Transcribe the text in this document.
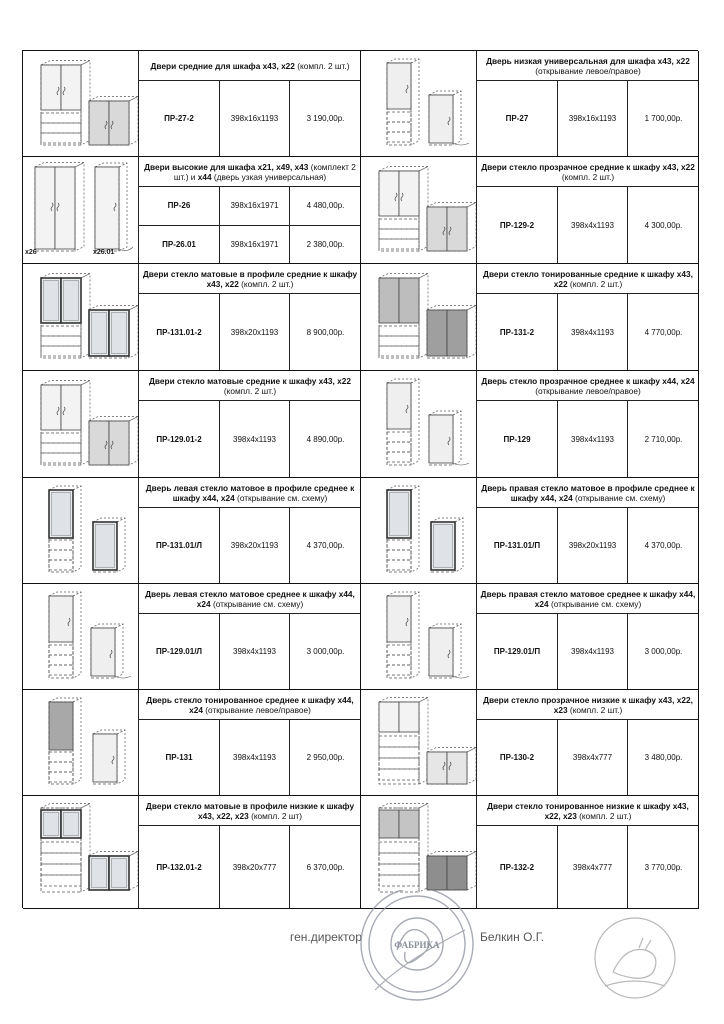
Двери средние для шкафа х43, х22 (компл. 2 шт.)
ПР-27-2	398х16х1193	3 190,00р.
Дверь низкая универсальная для шкафа х43, х22 (открывание левое/правое)
ПР-27	398х16х1193	1 700,00р.
х26	х26.01
Двери высокие для шкафа х21, х49, х43 (комплект 2 шт.) и х44 (дверь узкая универсальная)
ПР-26	398х16х1971	4 480,00р.
ПР-26.01	398х16х1971	2 380,00р.
Двери стекло прозрачное средние к шкафу х43, х22 (компл. 2 шт.)
ПР-129-2	398х4х1193	4 300,00р.
Двери стекло матовые в профиле средние к шкафу х43, х22 (компл. 2 шт.)
ПР-131.01-2	398х20х1193	8 900,00р.
Двери стекло тонированные средние к шкафу х43, х22 (компл. 2 шт.)
ПР-131-2	398х4х1193	4 770,00р.
Двери стекло матовые средние к шкафу х43, х22 (компл. 2 шт.)
ПР-129.01-2	398х4х1193	4 890,00р.
Дверь стекло прозрачное среднее к шкафу х44, х24 (открывание левое/правое)
ПР-129	398х4х1193	2 710,00р.
Дверь левая стекло матовое в профиле среднее к шкафу х44, х24 (открывание см. схему)
ПР-131.01/Л	398х20х1193	4 370,00р.
Дверь правая стекло матовое в профиле среднее к шкафу х44, х24 (открывание см. схему)
ПР-131.01/П	398х20х1193	4 370,00р.
Дверь левая стекло матовое среднее к шкафу х44, х24 (открывание см. схему)
ПР-129.01/Л	398х4х1193	3 000,00р.
Дверь правая стекло матовое среднее к шкафу х44, х24 (открывание см. схему)
ПР-129.01/П	398х4х1193	3 000,00р.
Дверь стекло тонированное среднее к шкафу х44, х24 (открывание левое/правое)
ПР-131	398х4х1193	2 950,00р.
Двери стекло прозрачное низкие к шкафу х43, х22, х23 (компл. 2 шт.)
ПР-130-2	398х4х777	3 480,00р.
Двери стекло матовые в профиле низкие к шкафу х43, х22, х23 (компл. 2 шт)
ПР-132.01-2	398х20х777	6 370,00р.
Двери стекло тонированное низкие к шкафу х43, х22, х23 (компл. 2 шт.)
ПР-132-2	398х4х777	3 770,00р.
ген.директор	Белкин О.Г.
ФАБРИКА
